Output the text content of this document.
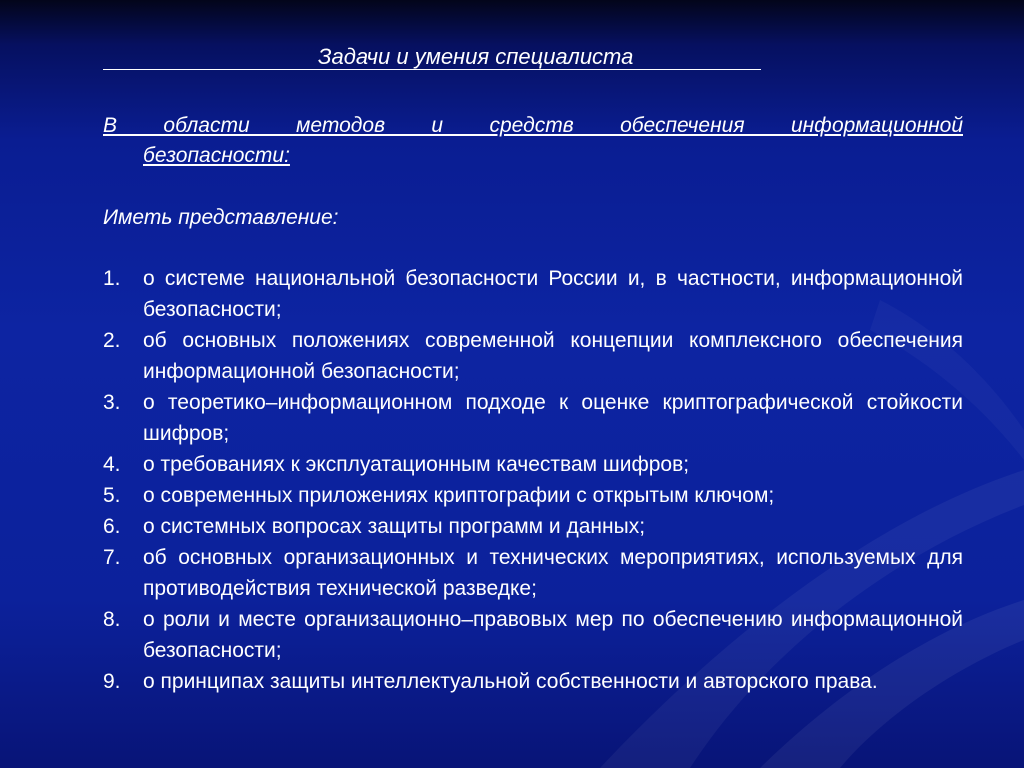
Задачи и умения специалиста
В области методов и средств обеспечения информационной
безопасности:
Иметь представление:
1. о системе национальной безопасности России и, в частности, информационной безопасности;
2. об основных положениях современной концепции комплексного обеспечения информационной безопасности;
3. о теоретико–информационном подходе к оценке криптографической стойкости шифров;
4. о требованиях к эксплуатационным качествам шифров;
5. о современных приложениях криптографии с открытым ключом;
6. о системных вопросах защиты программ и данных;
7. об основных организационных и технических мероприятиях, используемых для противодействия технической разведке;
8. о роли и месте организационно–правовых мер по обеспечению информационной безопасности;
9. о принципах защиты интеллектуальной собственности и авторского права.
